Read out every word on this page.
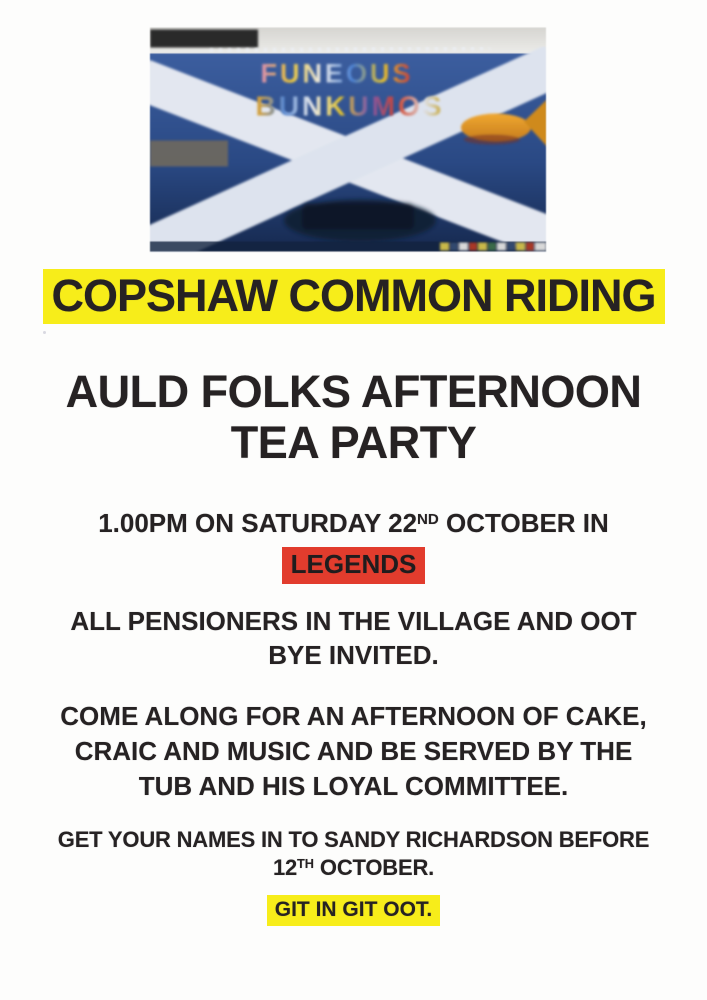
FUNEOUS
BUNKUMOS
COPSHAW COMMON RIDING
AULD FOLKS AFTERNOON
TEA PARTY
1.00PM ON SATURDAY 22ND OCTOBER IN
LEGENDS
ALL PENSIONERS IN THE VILLAGE AND OOT
BYE INVITED.
COME ALONG FOR AN AFTERNOON OF CAKE,
CRAIC AND MUSIC AND BE SERVED BY THE
TUB AND HIS LOYAL COMMITTEE.
GET YOUR NAMES IN TO SANDY RICHARDSON BEFORE
12TH OCTOBER.
GIT IN GIT OOT.
